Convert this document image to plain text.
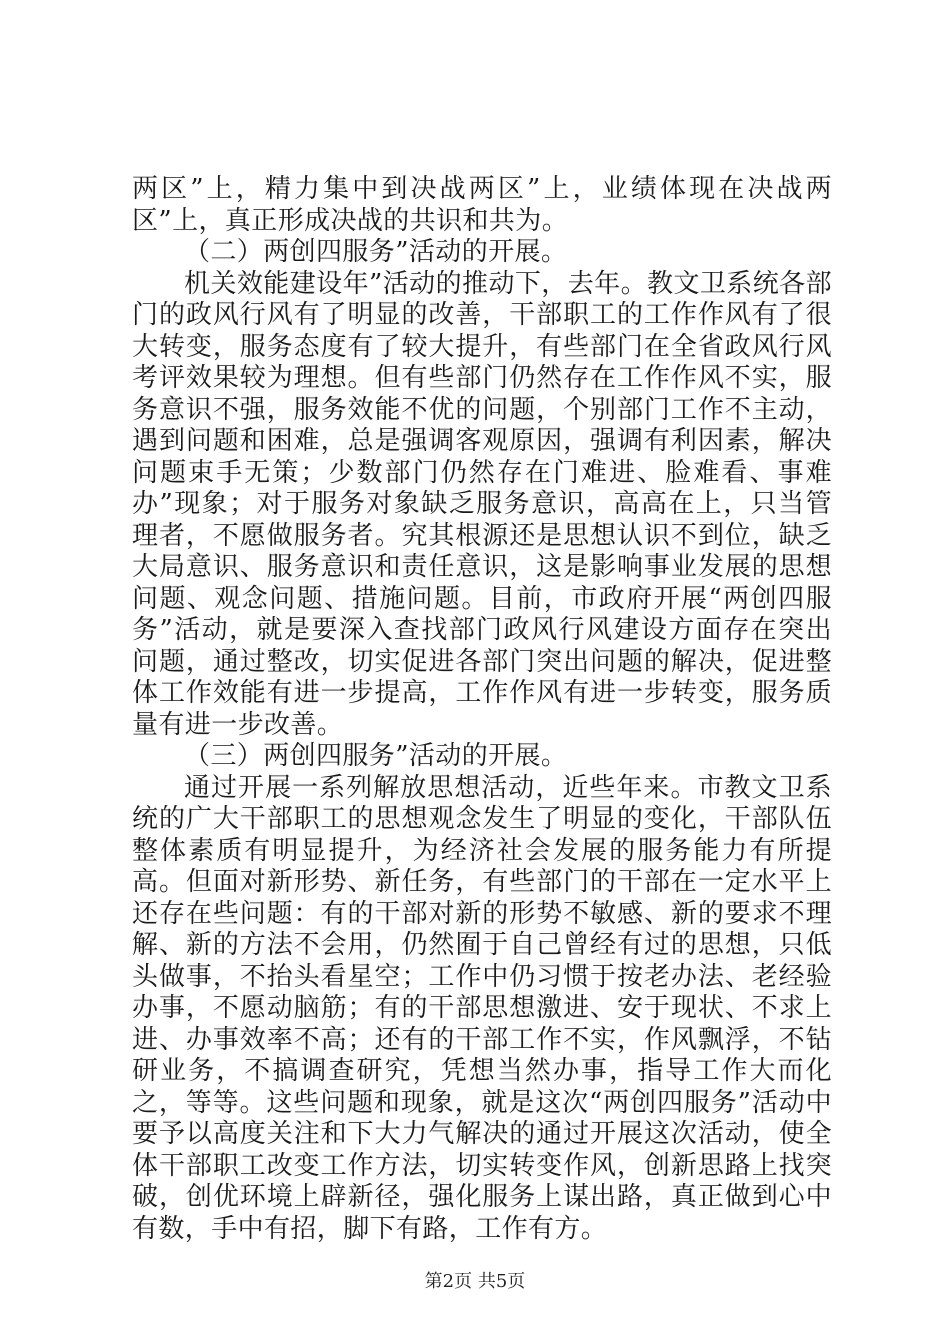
两区”上，精力集中到决战两区”上，业绩体现在决战两区”上，真正形成决战的共识和共为。

（二）两创四服务”活动的开展。

机关效能建设年”活动的推动下，去年。教文卫系统各部门的政风行风有了明显的改善，干部职工的工作作风有了很大转变，服务态度有了较大提升，有些部门在全省政风行风考评效果较为理想。但有些部门仍然存在工作作风不实，服务意识不强，服务效能不优的问题，个别部门工作不主动，遇到问题和困难，总是强调客观原因，强调有利因素，解决问题束手无策；少数部门仍然存在门难进、脸难看、事难办”现象；对于服务对象缺乏服务意识，高高在上，只当管理者，不愿做服务者。究其根源还是思想认识不到位，缺乏大局意识、服务意识和责任意识，这是影响事业发展的思想问题、观念问题、措施问题。目前，市政府开展“两创四服务”活动，就是要深入查找部门政风行风建设方面存在突出问题，通过整改，切实促进各部门突出问题的解决，促进整体工作效能有进一步提高，工作作风有进一步转变，服务质量有进一步改善。

（三）两创四服务”活动的开展。

通过开展一系列解放思想活动，近些年来。市教文卫系统的广大干部职工的思想观念发生了明显的变化，干部队伍整体素质有明显提升，为经济社会发展的服务能力有所提高。但面对新形势、新任务，有些部门的干部在一定水平上还存在些问题：有的干部对新的形势不敏感、新的要求不理解、新的方法不会用，仍然囿于自己曾经有过的思想，只低头做事，不抬头看星空；工作中仍习惯于按老办法、老经验办事，不愿动脑筋；有的干部思想激进、安于现状、不求上进、办事效率不高；还有的干部工作不实，作风飘浮，不钻研业务，不搞调查研究，凭想当然办事，指导工作大而化之，等等。这些问题和现象，就是这次“两创四服务”活动中要予以高度关注和下大力气解决的通过开展这次活动，使全体干部职工改变工作方法，切实转变作风，创新思路上找突破，创优环境上辟新径，强化服务上谋出路，真正做到心中有数，手中有招，脚下有路，工作有方。

第2页 共5页
